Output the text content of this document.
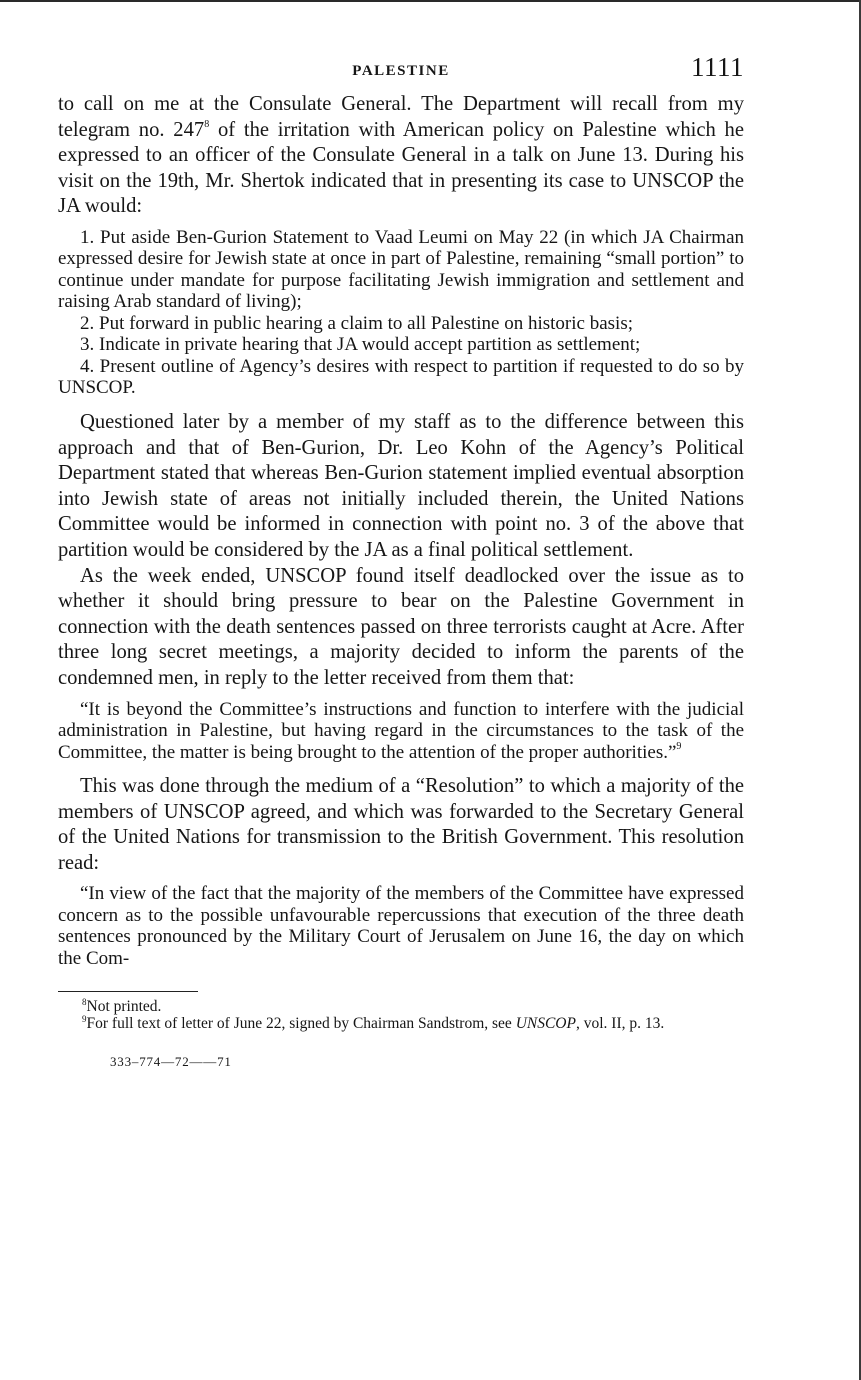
PALESTINE	1111

to call on me at the Consulate General. The Department will recall from my telegram no. $247^8$ of the irritation with American policy on Palestine which he expressed to an officer of the Consulate General in a talk on June 13. During his visit on the 19th, Mr. Shertok indicated that in presenting its case to UNSCOP the JA would:

1. Put aside Ben-Gurion Statement to Vaad Leumi on May 22 (in which JA Chairman expressed desire for Jewish state at once in part of Palestine, remaining “small portion” to continue under mandate for purpose facilitating Jewish immigration and settlement and raising Arab standard of living);

2. Put forward in public hearing a claim to all Palestine on historic basis;

3. Indicate in private hearing that JA would accept partition as settlement;

4. Present outline of Agency’s desires with respect to partition if requested to do so by UNSCOP.

Questioned later by a member of my staff as to the difference between this approach and that of Ben-Gurion, Dr. Leo Kohn of the Agency’s Political Department stated that whereas Ben-Gurion statement implied eventual absorption into Jewish state of areas not initially included therein, the United Nations Committee would be informed in connection with point no. 3 of the above that partition would be considered by the JA as a final political settlement.

As the week ended, UNSCOP found itself deadlocked over the issue as to whether it should bring pressure to bear on the Palestine Government in connection with the death sentences passed on three terrorists caught at Acre. After three long secret meetings, a majority decided to inform the parents of the condemned men, in reply to the letter received from them that:

“It is beyond the Committee’s instructions and function to interfere with the judicial administration in Palestine, but having regard in the circumstances to the task of the Committee, the matter is being brought to the attention of the proper authorities.”$^9$

This was done through the medium of a “Resolution” to which a majority of the members of UNSCOP agreed, and which was forwarded to the Secretary General of the United Nations for transmission to the British Government. This resolution read:

“In view of the fact that the majority of the members of the Committee have expressed concern as to the possible unfavourable repercussions that execution of the three death sentences pronounced by the Military Court of Jerusalem on June 16, the day on which the Com-

$^8$Not printed.

$^9$For full text of letter of June 22, signed by Chairman Sandstrom, see UNSCOP, vol. II, p. 13.

333–774—72——71
